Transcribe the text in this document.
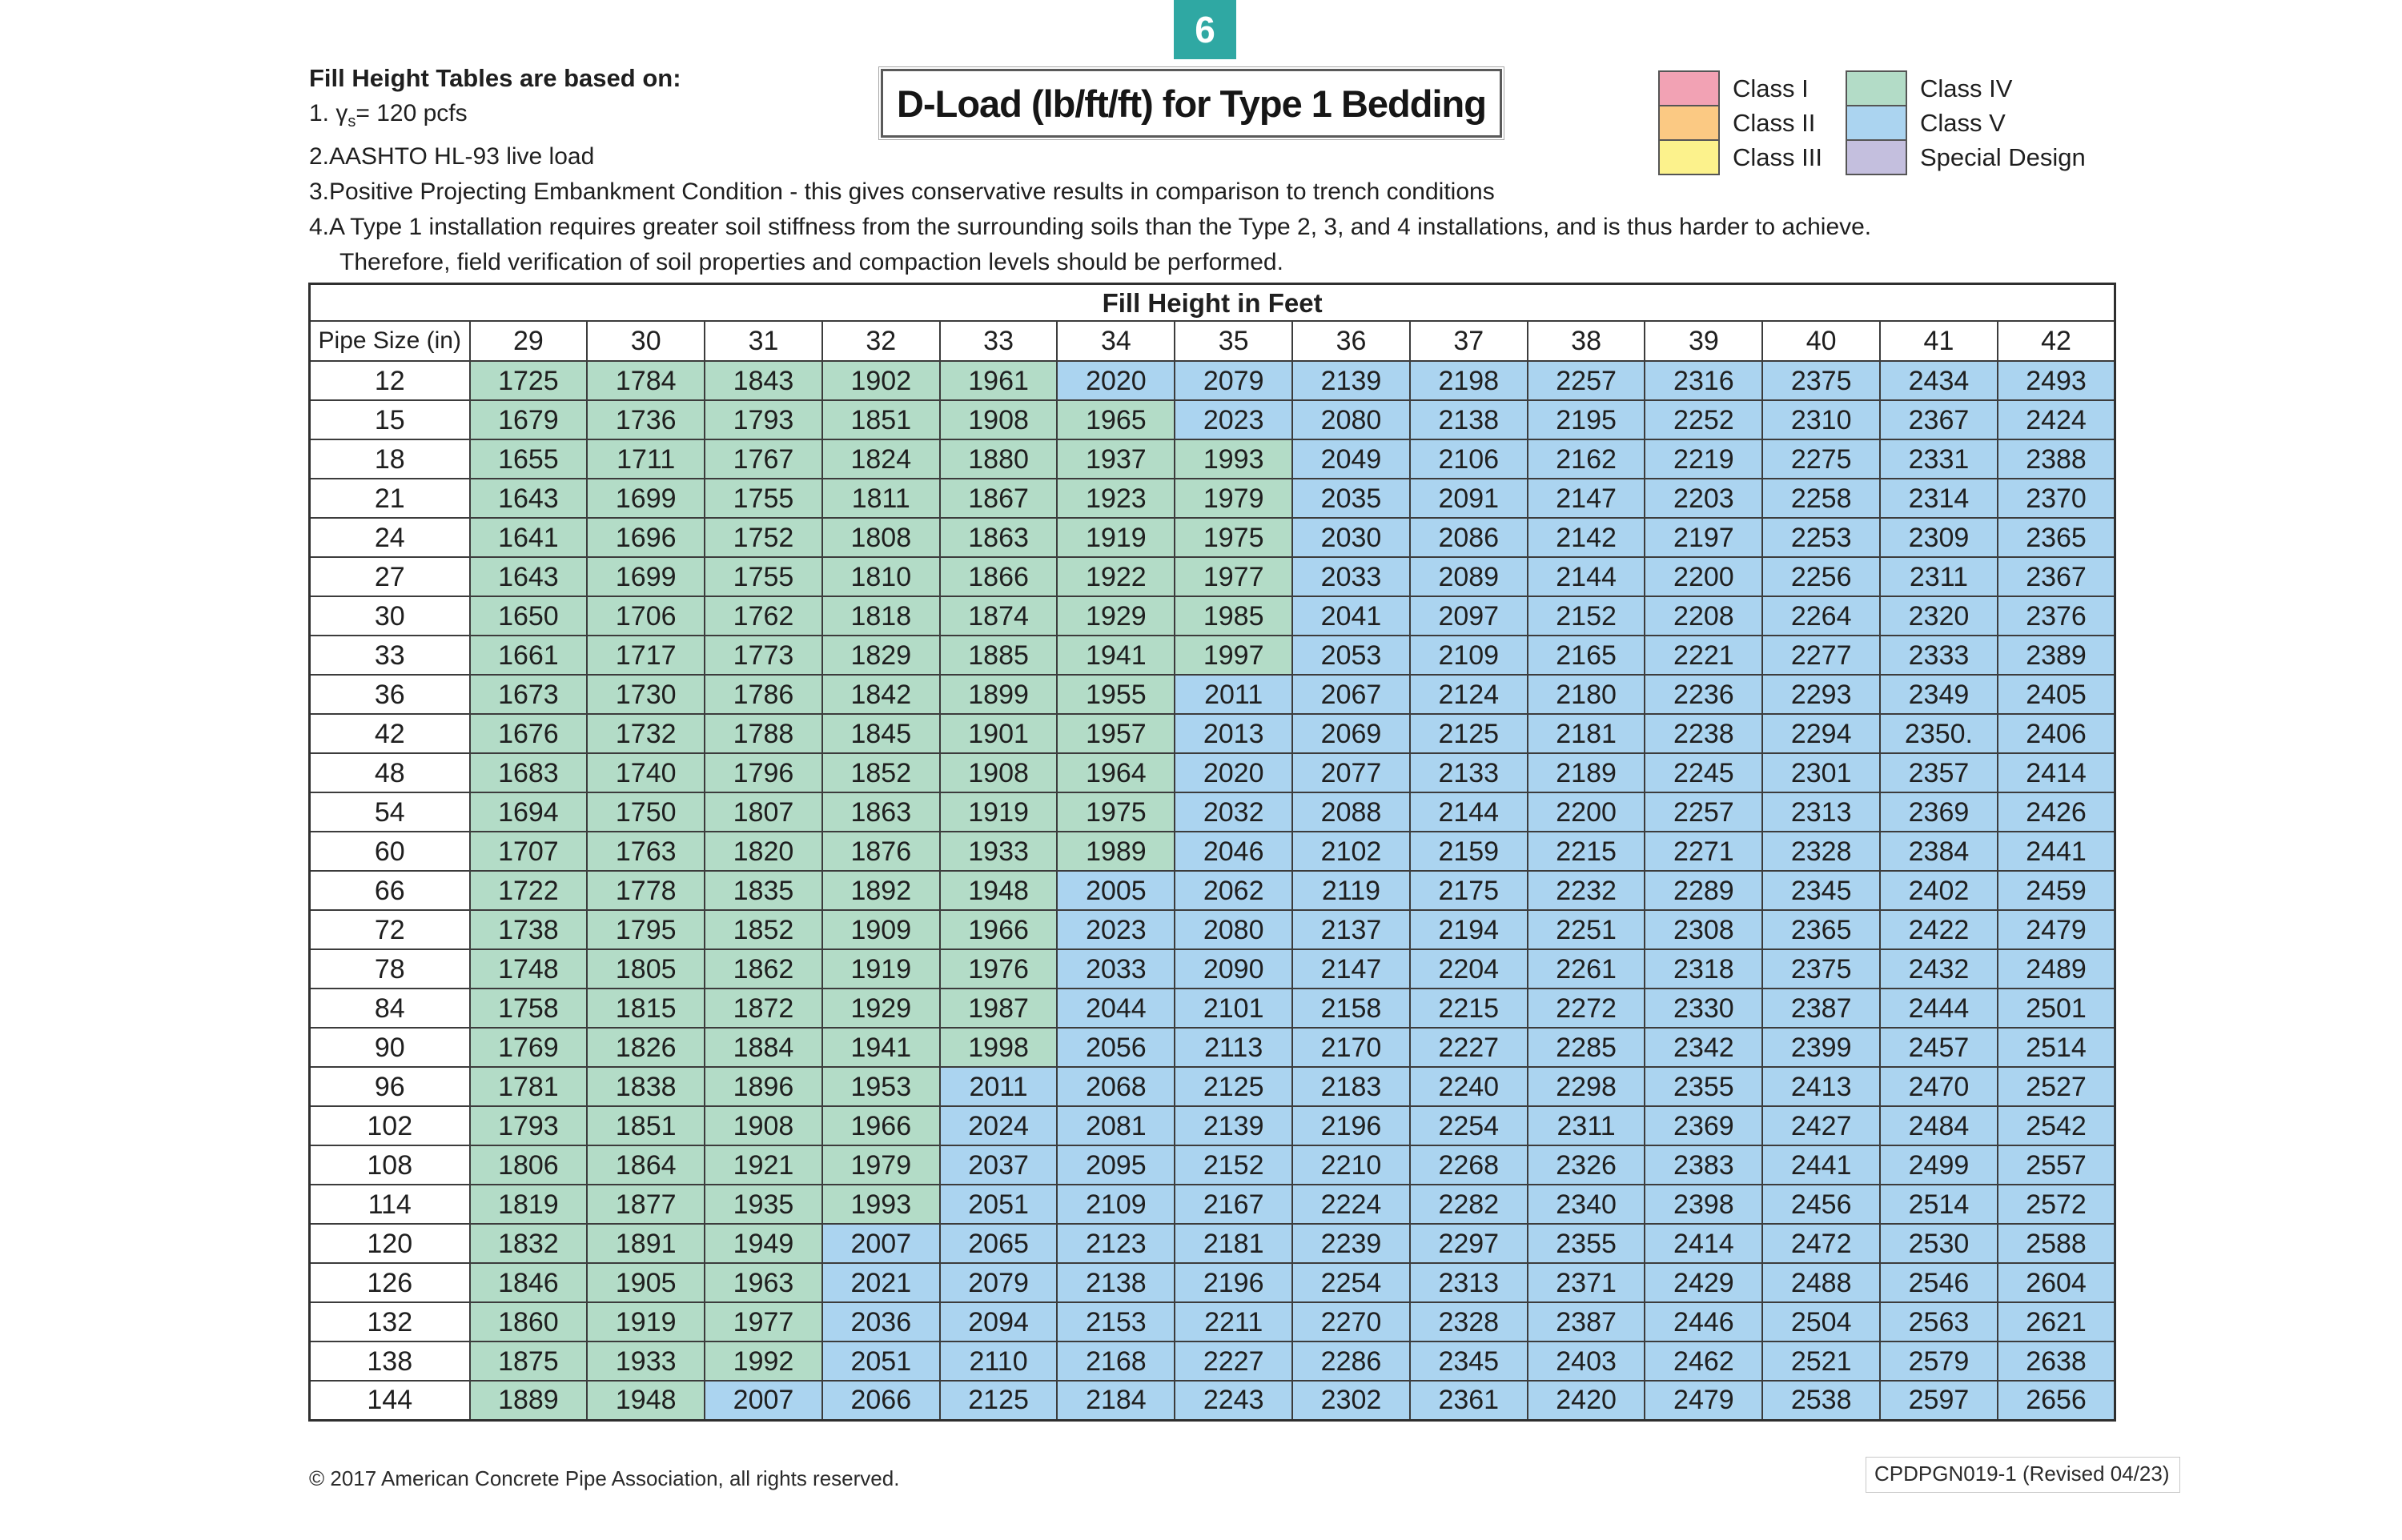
6
Fill Height Tables are based on:
1. $\gamma_s= 120$ pcfs
2.AASHTO HL-93 live load
3.Positive Projecting Embankment Condition - this gives conservative results in comparison to trench conditions
4.A Type 1 installation requires greater soil stiffness from the surrounding soils than the Type 2, 3, and 4 installations, and is thus harder to achieve.
Therefore, field verification of soil properties and compaction levels should be performed.
D-Load (lb/ft/ft) for Type 1 Bedding	Class I
Class II
Class III
Class IV
Class V
Special Design
Fill Height in Feet														
Pipe Size (in)	29	30	31	32	33	34	35	36	37	38	39	40	41	42
12	1725	1784	1843	1902	1961	2020	2079	2139	2198	2257	2316	2375	2434	2493
15	1679	1736	1793	1851	1908	1965	2023	2080	2138	2195	2252	2310	2367	2424
18	1655	1711	1767	1824	1880	1937	1993	2049	2106	2162	2219	2275	2331	2388
21	1643	1699	1755	1811	1867	1923	1979	2035	2091	2147	2203	2258	2314	2370
24	1641	1696	1752	1808	1863	1919	1975	2030	2086	2142	2197	2253	2309	2365
27	1643	1699	1755	1810	1866	1922	1977	2033	2089	2144	2200	2256	2311	2367
30	1650	1706	1762	1818	1874	1929	1985	2041	2097	2152	2208	2264	2320	2376
33	1661	1717	1773	1829	1885	1941	1997	2053	2109	2165	2221	2277	2333	2389
36	1673	1730	1786	1842	1899	1955	2011	2067	2124	2180	2236	2293	2349	2405
42	1676	1732	1788	1845	1901	1957	2013	2069	2125	2181	2238	2294	2350.	2406
48	1683	1740	1796	1852	1908	1964	2020	2077	2133	2189	2245	2301	2357	2414
54	1694	1750	1807	1863	1919	1975	2032	2088	2144	2200	2257	2313	2369	2426
60	1707	1763	1820	1876	1933	1989	2046	2102	2159	2215	2271	2328	2384	2441
66	1722	1778	1835	1892	1948	2005	2062	2119	2175	2232	2289	2345	2402	2459
72	1738	1795	1852	1909	1966	2023	2080	2137	2194	2251	2308	2365	2422	2479
78	1748	1805	1862	1919	1976	2033	2090	2147	2204	2261	2318	2375	2432	2489
84	1758	1815	1872	1929	1987	2044	2101	2158	2215	2272	2330	2387	2444	2501
90	1769	1826	1884	1941	1998	2056	2113	2170	2227	2285	2342	2399	2457	2514
96	1781	1838	1896	1953	2011	2068	2125	2183	2240	2298	2355	2413	2470	2527
102	1793	1851	1908	1966	2024	2081	2139	2196	2254	2311	2369	2427	2484	2542
108	1806	1864	1921	1979	2037	2095	2152	2210	2268	2326	2383	2441	2499	2557
114	1819	1877	1935	1993	2051	2109	2167	2224	2282	2340	2398	2456	2514	2572
120	1832	1891	1949	2007	2065	2123	2181	2239	2297	2355	2414	2472	2530	2588
126	1846	1905	1963	2021	2079	2138	2196	2254	2313	2371	2429	2488	2546	2604
132	1860	1919	1977	2036	2094	2153	2211	2270	2328	2387	2446	2504	2563	2621
138	1875	1933	1992	2051	2110	2168	2227	2286	2345	2403	2462	2521	2579	2638
144	1889	1948	2007	2066	2125	2184	2243	2302	2361	2420	2479	2538	2597	2656
© 2017 American Concrete Pipe Association, all rights reserved.	CPDPGN019-1 (Revised 04/23)
